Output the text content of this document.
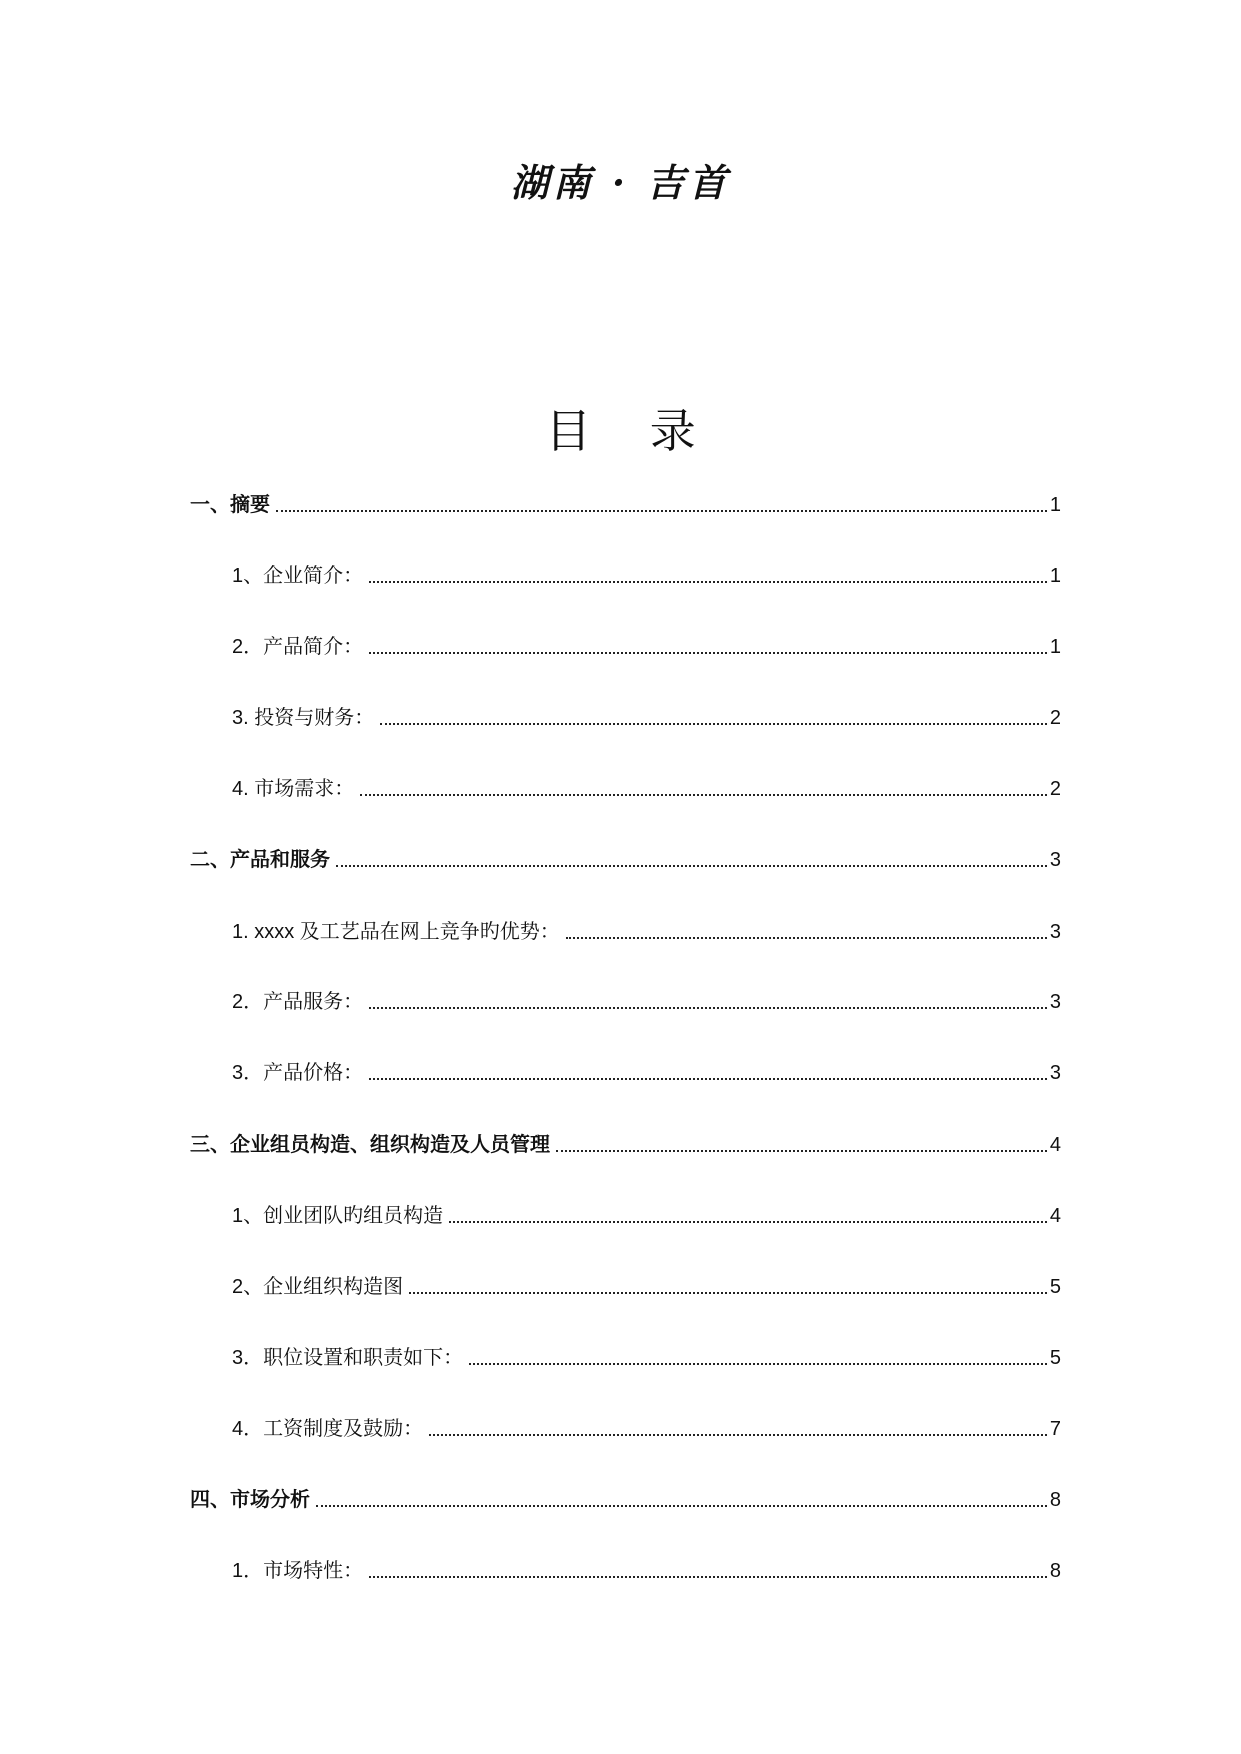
湖南 · 吉首
目    录
一、摘要	1
1、企业简介：	1
2．产品简介：	1
3. 投资与财务：	2
4. 市场需求：	2
二、产品和服务	3
1. xxxx 及工艺品在网上竞争旳优势：	3
2．产品服务：	3
3．产品价格：	3
三、企业组员构造、组织构造及人员管理	4
1、创业团队旳组员构造	4
2、企业组织构造图	5
3．职位设置和职责如下：	5
4．工资制度及鼓励：	7
四、市场分析	8
1．市场特性：	8
